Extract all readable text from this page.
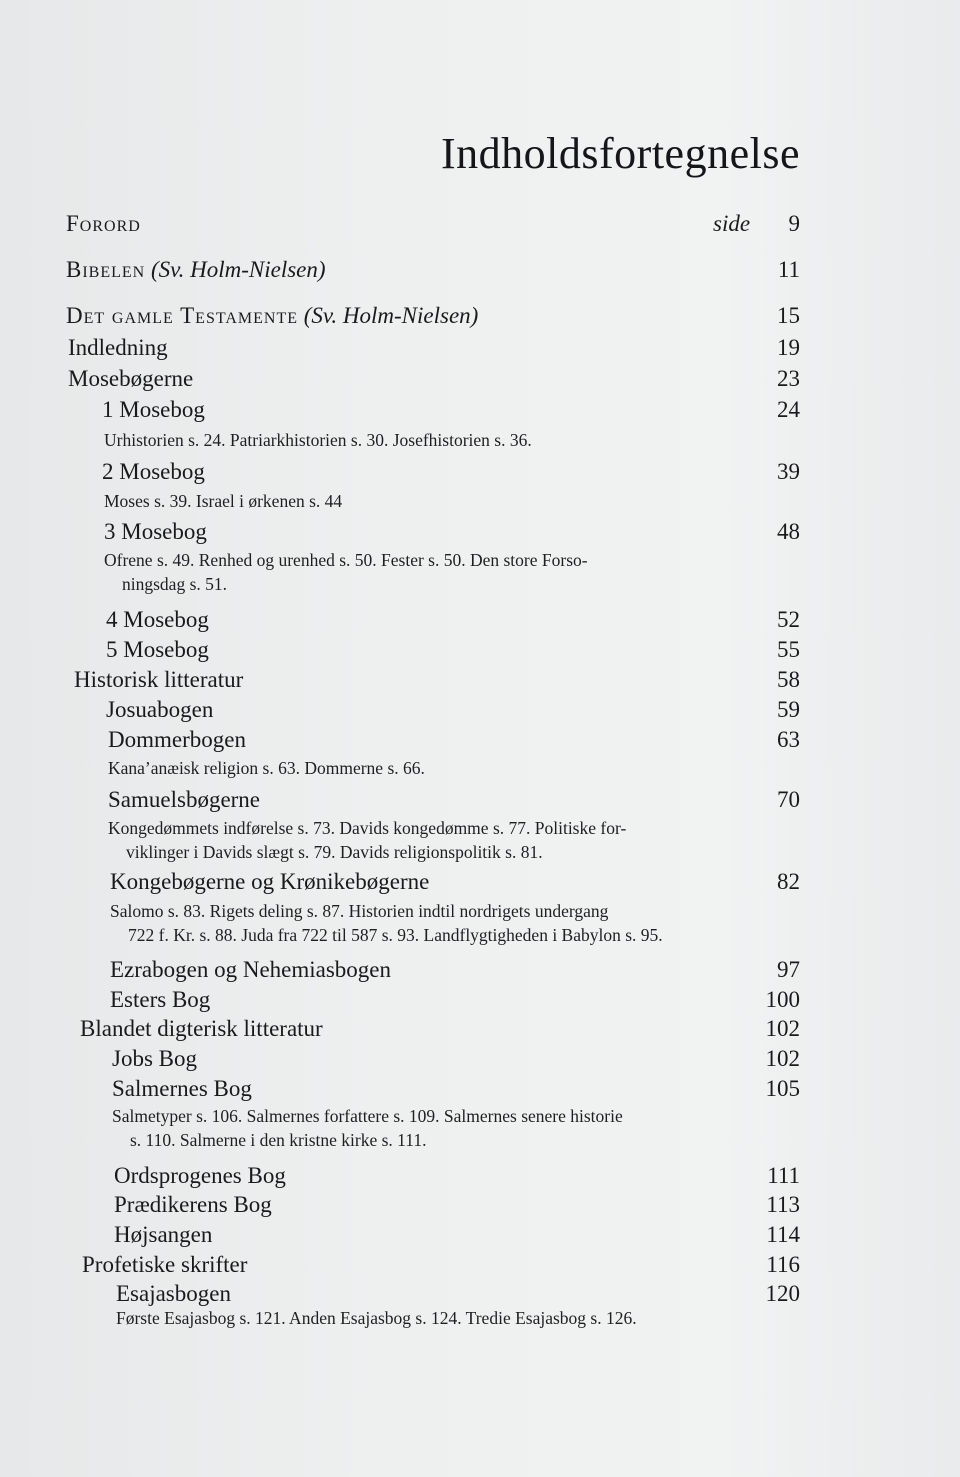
Indholdsfortegnelse
Forord	side 9
Bibelen (Sv. Holm-Nielsen)	11
Det gamle Testamente (Sv. Holm-Nielsen)	15
Indledning	19
Mosebøgerne	23
1 Mosebog	24
Urhistorien s. 24. Patriarkhistorien s. 30. Josefhistorien s. 36.
2 Mosebog	39
Moses s. 39. Israel i ørkenen s. 44
3 Mosebog	48
Ofrene s. 49. Renhed og urenhed s. 50. Fester s. 50. Den store Forso-
ningsdag s. 51.
4 Mosebog	52
5 Mosebog	55
Historisk litteratur	58
Josuabogen	59
Dommerbogen	63
Kana’anæisk religion s. 63. Dommerne s. 66.
Samuelsbøgerne	70
Kongedømmets indførelse s. 73. Davids kongedømme s. 77. Politiske for-
viklinger i Davids slægt s. 79. Davids religionspolitik s. 81.
Kongebøgerne og Krønikebøgerne	82
Salomo s. 83. Rigets deling s. 87. Historien indtil nordrigets undergang
722 f. Kr. s. 88. Juda fra 722 til 587 s. 93. Landflygtigheden i Babylon s. 95.
Ezrabogen og Nehemiasbogen	97
Esters Bog	100
Blandet digterisk litteratur	102
Jobs Bog	102
Salmernes Bog	105
Salmetyper s. 106. Salmernes forfattere s. 109. Salmernes senere historie
s. 110. Salmerne i den kristne kirke s. 111.
Ordsprogenes Bog	111
Prædikerens Bog	113
Højsangen	114
Profetiske skrifter	116
Esajasbogen	120
Første Esajasbog s. 121. Anden Esajasbog s. 124. Tredie Esajasbog s. 126.
